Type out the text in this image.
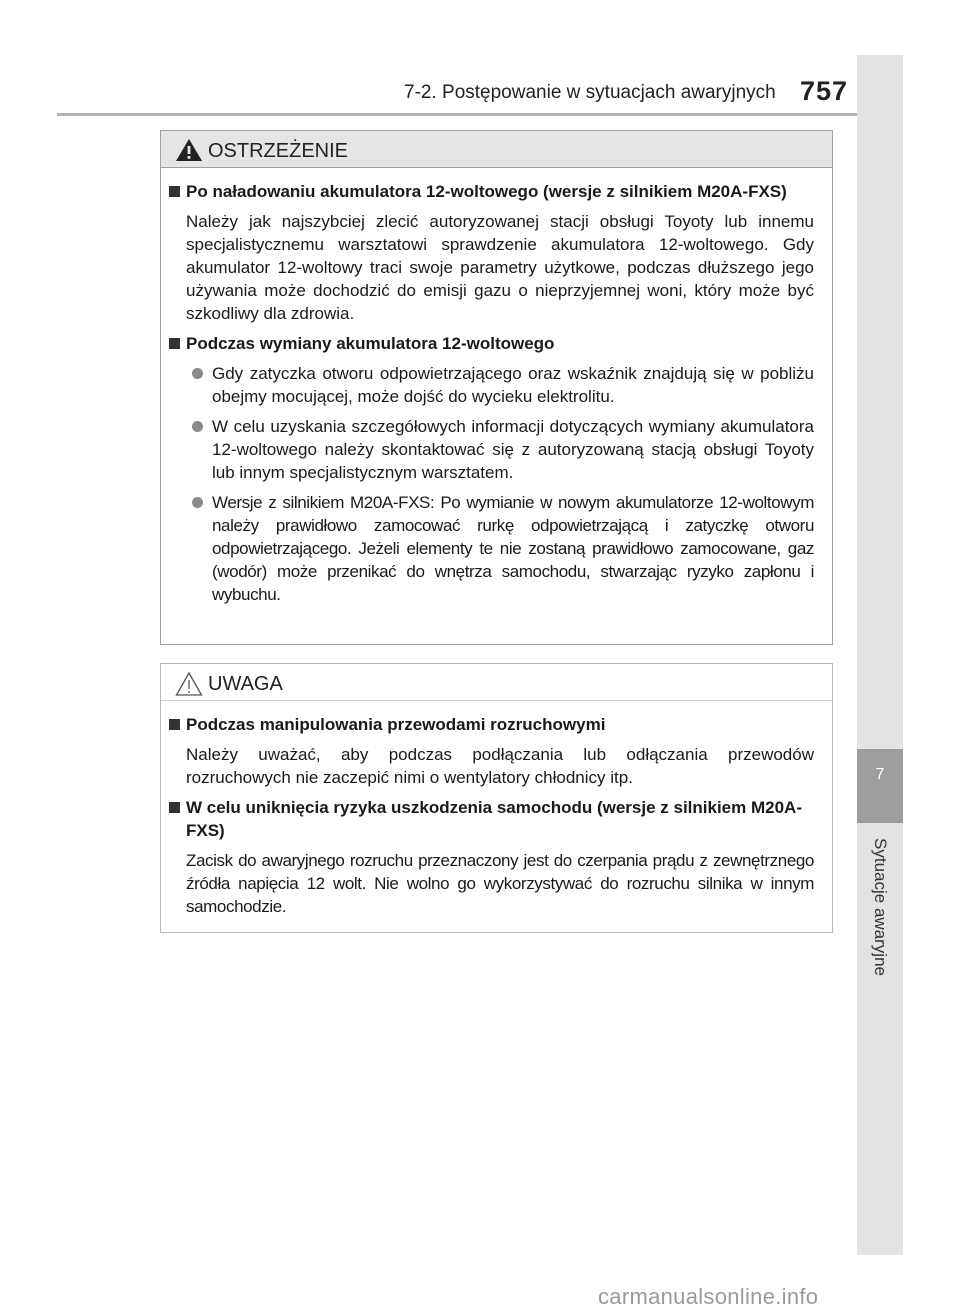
7-2. Postępowanie w sytuacjach awaryjnych 757
7
Sytuacje awaryjne
OSTRZEŻENIE
Po naładowaniu akumulatora 12-woltowego (wersje z silnikiem M20A-FXS)
Należy jak najszybciej zlecić autoryzowanej stacji obsługi Toyoty lub innemu specjalistycznemu warsztatowi sprawdzenie akumulatora 12-woltowego. Gdy akumulator 12-woltowy traci swoje parametry użytkowe, podczas dłuższego jego używania może dochodzić do emisji gazu o nieprzyjemnej woni, który może być szkodliwy dla zdrowia.
Podczas wymiany akumulatora 12-woltowego
Gdy zatyczka otworu odpowietrzającego oraz wskaźnik znajdują się w pobliżu obejmy mocującej, może dojść do wycieku elektrolitu.
W celu uzyskania szczegółowych informacji dotyczących wymiany akumulatora 12-woltowego należy skontaktować się z autoryzowaną stacją obsługi Toyoty lub innym specjalistycznym warsztatem.
Wersje z silnikiem M20A-FXS: Po wymianie w nowym akumulatorze 12-woltowym należy prawidłowo zamocować rurkę odpowietrzającą i zatyczkę otworu odpowietrzającego. Jeżeli elementy te nie zostaną prawidłowo zamocowane, gaz (wodór) może przenikać do wnętrza samochodu, stwarzając ryzyko zapłonu i wybuchu.
UWAGA
Podczas manipulowania przewodami rozruchowymi
Należy uważać, aby podczas podłączania lub odłączania przewodów rozruchowych nie zaczepić nimi o wentylatory chłodnicy itp.
W celu uniknięcia ryzyka uszkodzenia samochodu (wersje z silnikiem M20A-FXS)
Zacisk do awaryjnego rozruchu przeznaczony jest do czerpania prądu z zewnętrznego źródła napięcia 12 wolt. Nie wolno go wykorzystywać do rozruchu silnika w innym samochodzie.
carmanualsonline.info
